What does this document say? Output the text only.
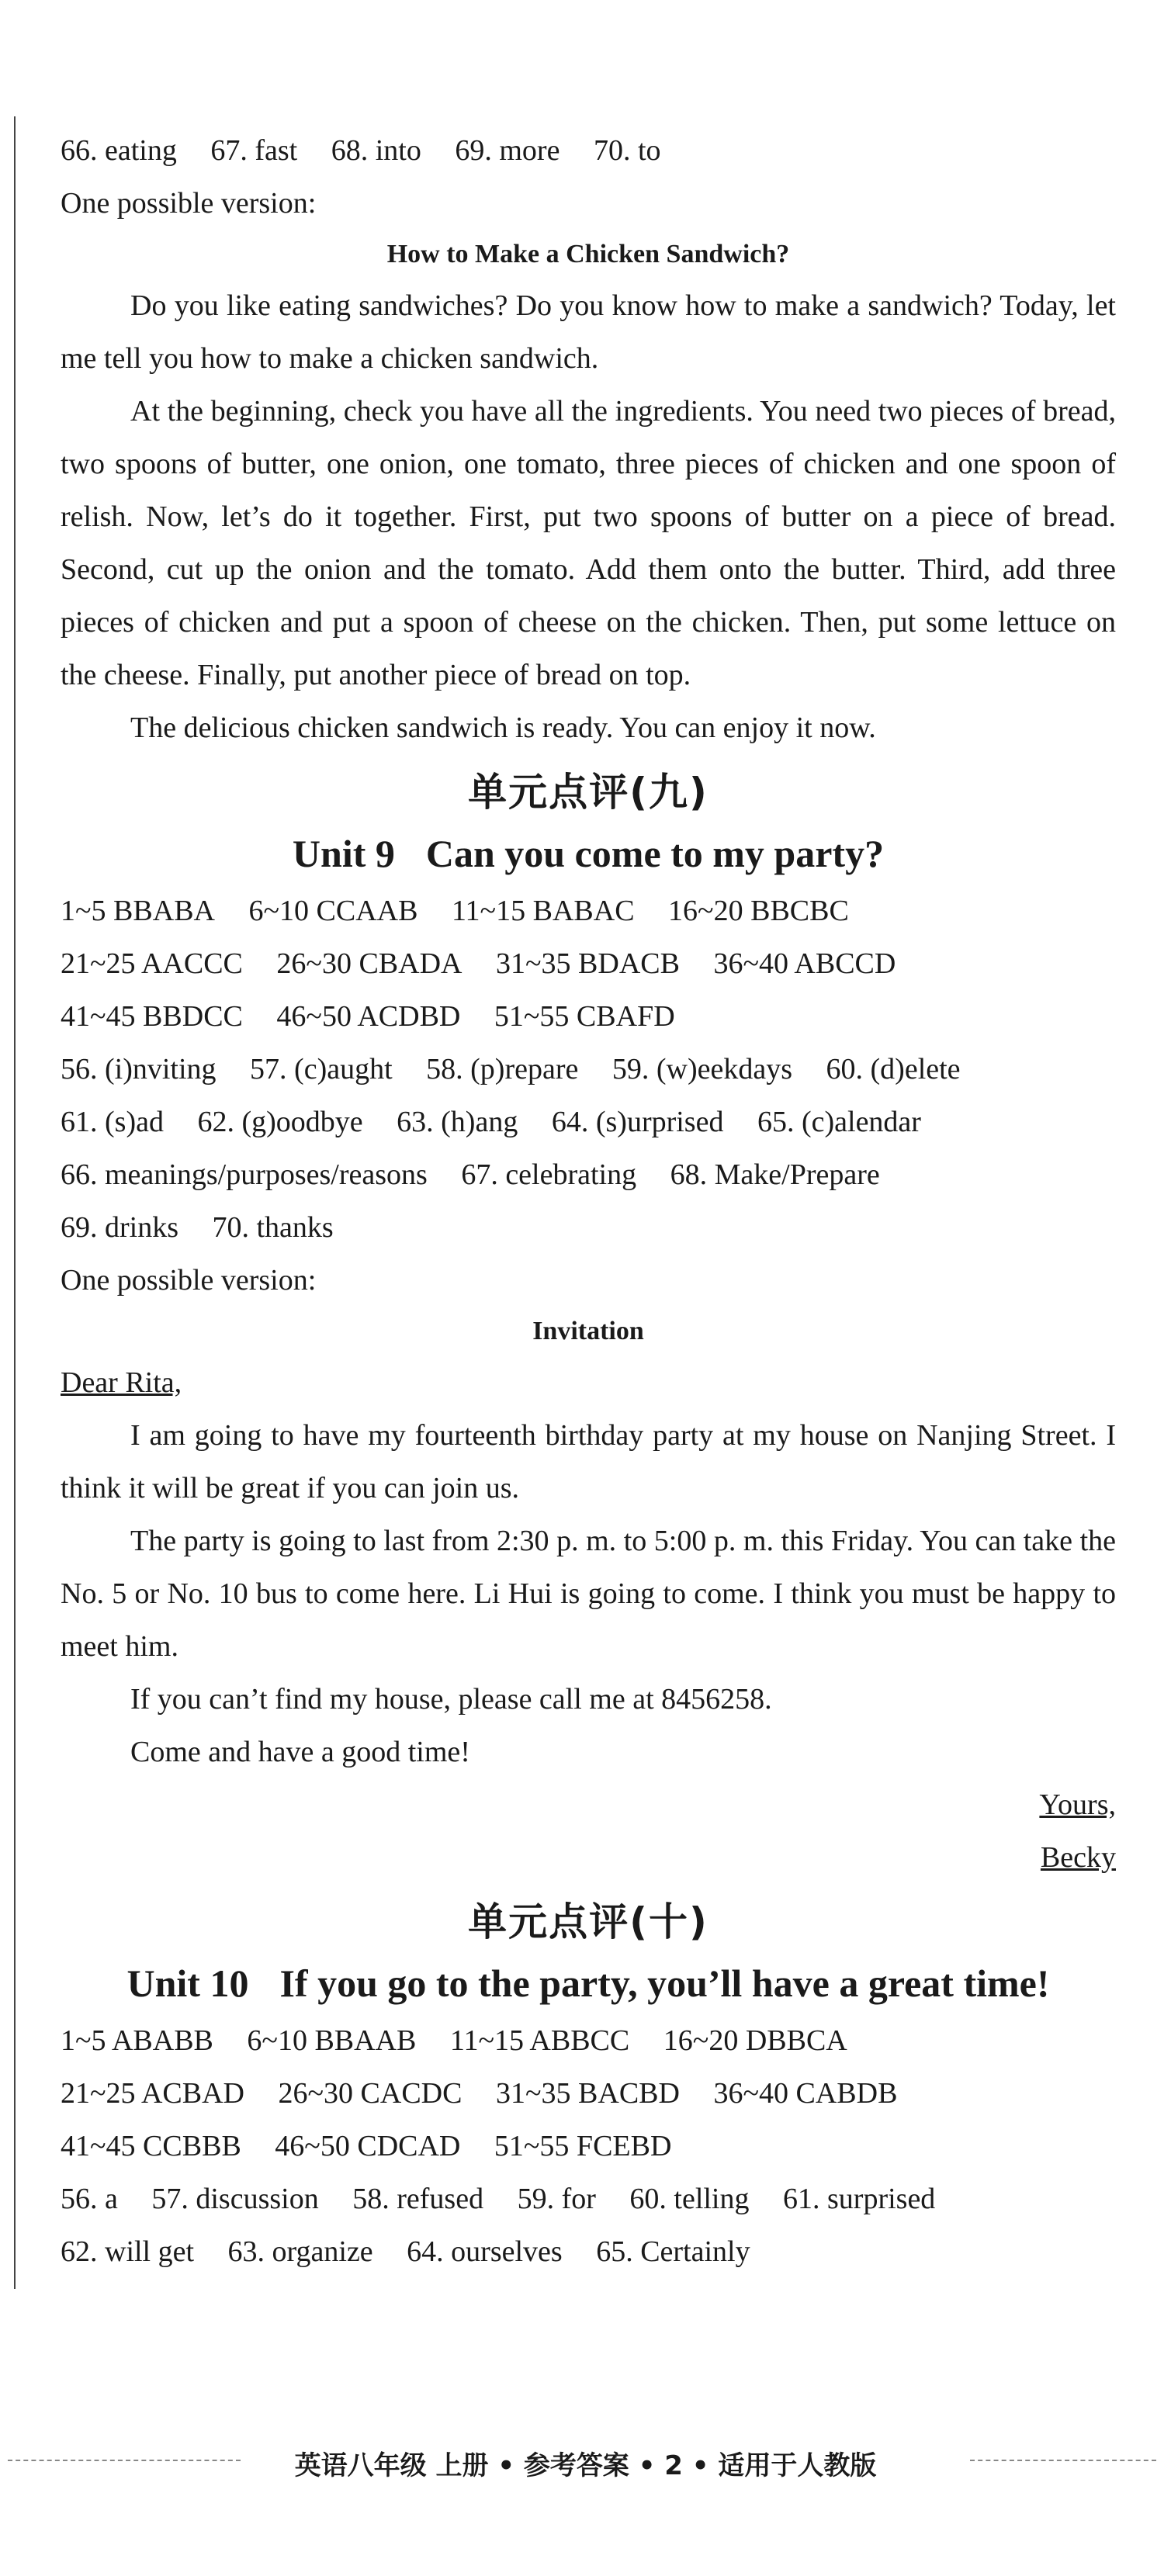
66. eating 67. fast 68. into 69. more 70. to
One possible version:
How to Make a Chicken Sandwich?
Do you like eating sandwiches? Do you know how to make a sandwich? Today, let me tell you how to make a chicken sandwich.
At the beginning, check you have all the ingredients. You need two pieces of bread, two spoons of butter, one onion, one tomato, three pieces of chicken and one spoon of relish. Now, let’s do it together. First, put two spoons of butter on a piece of bread. Second, cut up the onion and the tomato. Add them onto the butter. Third, add three pieces of chicken and put a spoon of cheese on the chicken. Then, put some lettuce on the cheese. Finally, put another piece of bread on top.
The delicious chicken sandwich is ready. You can enjoy it now.
单元点评(九)
Unit 9 Can you come to my party?
1~5 BBABA 6~10 CCAAB 11~15 BABAC 16~20 BBCBC
21~25 AACCC 26~30 CBADA 31~35 BDACB 36~40 ABCCD
41~45 BBDCC 46~50 ACDBD 51~55 CBAFD
56. (i)nviting 57. (c)aught 58. (p)repare 59. (w)eekdays 60. (d)elete
61. (s)ad 62. (g)oodbye 63. (h)ang 64. (s)urprised 65. (c)alendar
66. meanings/purposes/reasons 67. celebrating 68. Make/Prepare
69. drinks 70. thanks
One possible version:
Invitation
Dear Rita,
I am going to have my fourteenth birthday party at my house on Nanjing Street. I think it will be great if you can join us.
The party is going to last from 2:30 p. m. to 5:00 p. m. this Friday. You can take the No. 5 or No. 10 bus to come here. Li Hui is going to come. I think you must be happy to meet him.
If you can’t find my house, please call me at 8456258.
Come and have a good time!
Yours,
Becky
单元点评(十)
Unit 10 If you go to the party, you’ll have a great time!
1~5 ABABB 6~10 BBAAB 11~15 ABBCC 16~20 DBBCA
21~25 ACBAD 26~30 CACDC 31~35 BACBD 36~40 CABDB
41~45 CCBBB 46~50 CDCAD 51~55 FCEBD
56. a 57. discussion 58. refused 59. for 60. telling 61. surprised
62. will get 63. organize 64. ourselves 65. Certainly
英语八年级 上册 • 参考答案 • 2 • 适用于人教版
